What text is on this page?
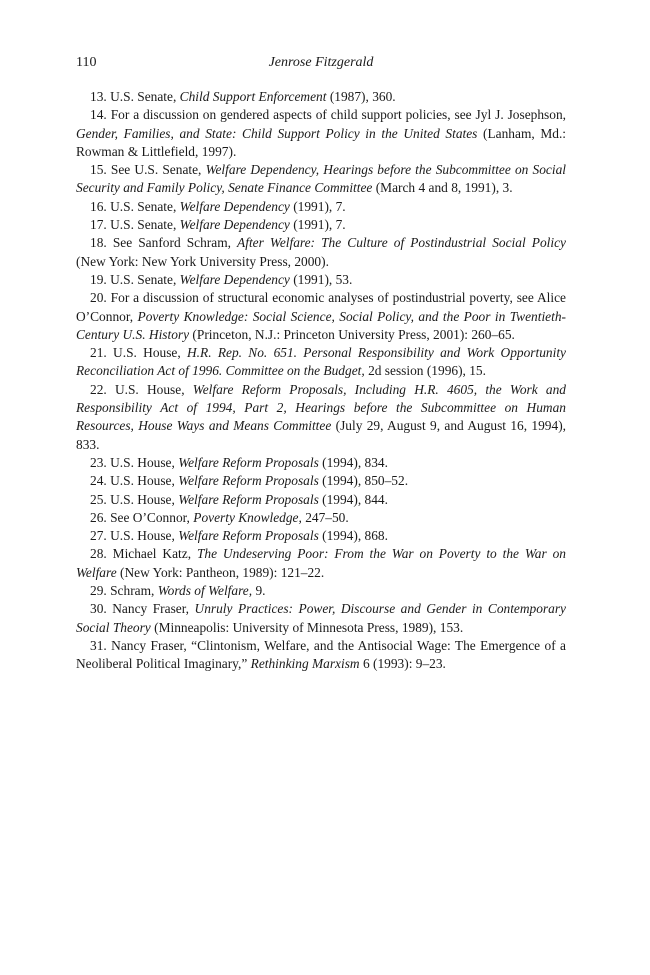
110	Jenrose Fitzgerald

13. U.S. Senate, Child Support Enforcement (1987), 360.

14. For a discussion on gendered aspects of child support policies, see Jyl J. Josephson, Gender, Families, and State: Child Support Policy in the United States (Lanham, Md.: Rowman & Littlefield, 1997).

15. See U.S. Senate, Welfare Dependency, Hearings before the Subcommittee on Social Security and Family Policy, Senate Finance Committee (March 4 and 8, 1991), 3.

16. U.S. Senate, Welfare Dependency (1991), 7.

17. U.S. Senate, Welfare Dependency (1991), 7.

18. See Sanford Schram, After Welfare: The Culture of Postindustrial Social Policy (New York: New York University Press, 2000).

19. U.S. Senate, Welfare Dependency (1991), 53.

20. For a discussion of structural economic analyses of postindustrial poverty, see Alice O’Connor, Poverty Knowledge: Social Science, Social Policy, and the Poor in Twentieth-Century U.S. History (Princeton, N.J.: Princeton University Press, 2001): 260–65.

21. U.S. House, H.R. Rep. No. 651. Personal Responsibility and Work Opportunity Reconciliation Act of 1996. Committee on the Budget, 2d session (1996), 15.

22. U.S. House, Welfare Reform Proposals, Including H.R. 4605, the Work and Responsibility Act of 1994, Part 2, Hearings before the Subcommittee on Human Resources, House Ways and Means Committee (July 29, August 9, and August 16, 1994), 833.

23. U.S. House, Welfare Reform Proposals (1994), 834.

24. U.S. House, Welfare Reform Proposals (1994), 850–52.

25. U.S. House, Welfare Reform Proposals (1994), 844.

26. See O’Connor, Poverty Knowledge, 247–50.

27. U.S. House, Welfare Reform Proposals (1994), 868.

28. Michael Katz, The Undeserving Poor: From the War on Poverty to the War on Welfare (New York: Pantheon, 1989): 121–22.

29. Schram, Words of Welfare, 9.

30. Nancy Fraser, Unruly Practices: Power, Discourse and Gender in Contemporary Social Theory (Minneapolis: University of Minnesota Press, 1989), 153.

31. Nancy Fraser, “Clintonism, Welfare, and the Antisocial Wage: The Emergence of a Neoliberal Political Imaginary,” Rethinking Marxism 6 (1993): 9–23.
